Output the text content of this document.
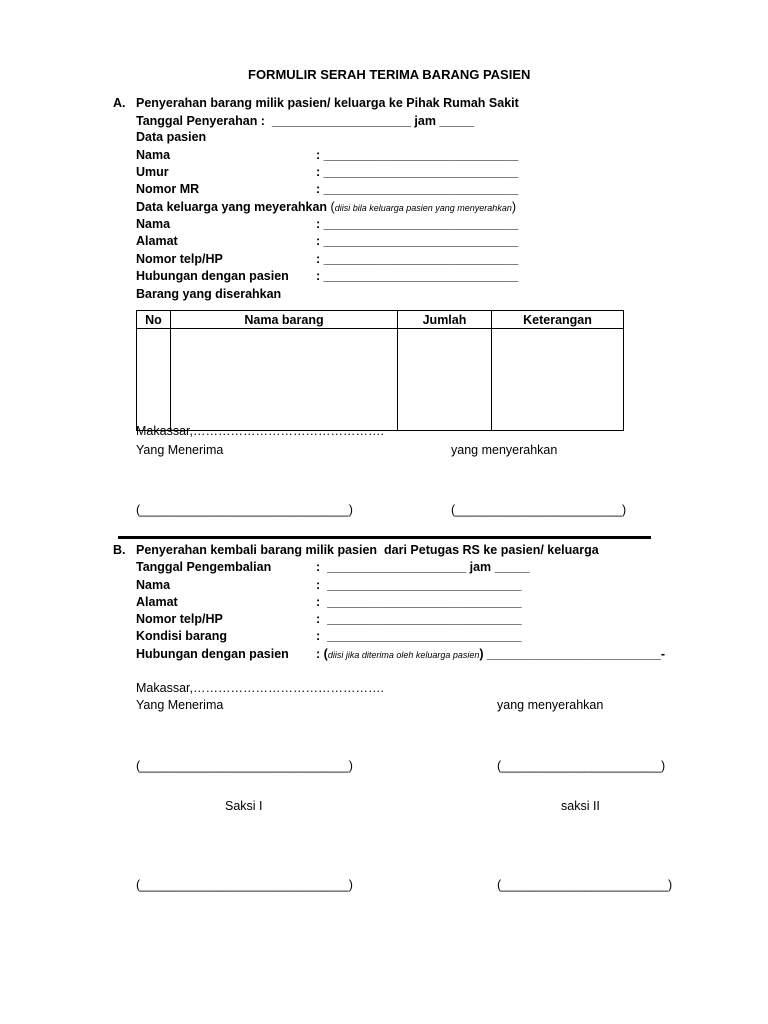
FORMULIR SERAH TERIMA BARANG PASIEN
A. Penyerahan barang milik pasien/ keluarga ke Pihak Rumah Sakit
Tanggal Penyerahan :  ____________________ jam _____
Data pasien
Nama	: ____________________________
Umur	: ____________________________
Nomor MR	: ____________________________
Data keluarga yang meyerahkan (diisi bila keluarga pasien yang menyerahkan)
Nama	: ____________________________
Alamat	: ____________________________
Nomor telp/HP	: ____________________________
Hubungan dengan pasien : ____________________________
Barang yang diserahkan
No	Nama barang	Jumlah	Keterangan

Makassar,……………………………………….
Yang Menerima	yang menyerahkan
(______________________________)	(________________________)
B. Penyerahan kembali barang milik pasien  dari Petugas RS ke pasien/ keluarga
Tanggal Pengembalian	:  ____________________ jam _____
Nama	:  ____________________________
Alamat	:  ____________________________
Nomor telp/HP	:  ____________________________
Kondisi barang	:  ____________________________
Hubungan dengan pasien : (diisi jika diterima oleh keluarga pasien) _________________________-
Makassar,……………………………………….
Yang Menerima	yang menyerahkan
(______________________________)	(_______________________)
Saksi I	saksi II
(______________________________)	(________________________)
